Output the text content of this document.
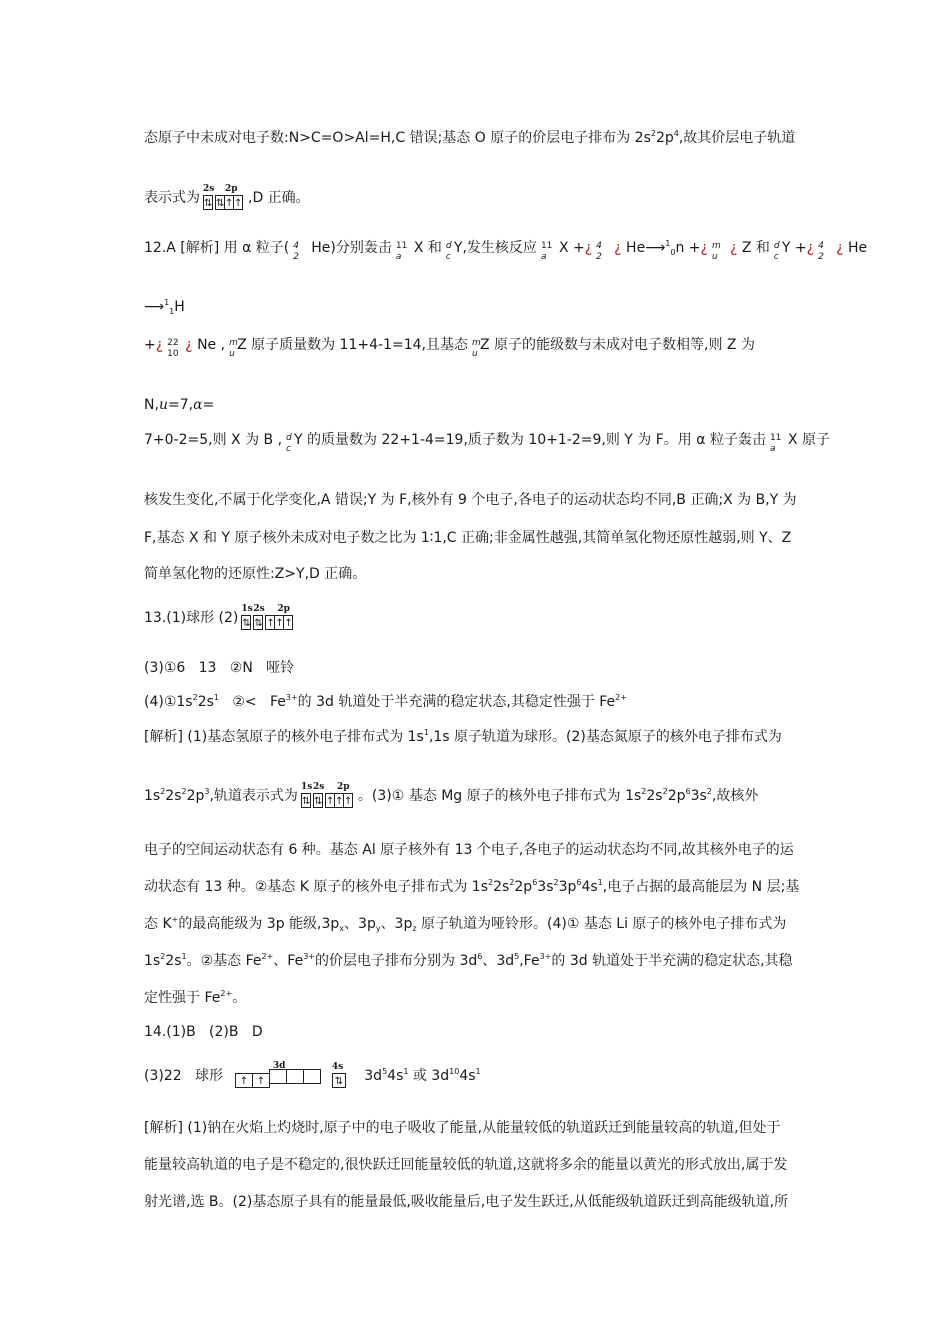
态原子中未成对电子数:N>C=O>Al=H,C 错误;基态 O 原子的价层电子排布为 $2s^22p^4$,故其价层电子轨道
表示式为
2s
⇅
2p
⇅↑↑ ,D 正确。
12.A [解析] 用 α 粒子( 4
2
He)分别轰击 11
a
X 和 d
c
Y,发生核反应 11
a
X +¿ 4
2
¿ He⟶$^1_0$n +¿ m
u
¿ Z 和 d
c
Y +¿ 4
2
¿ He
⟶$^1_1$H
+¿ 22
10
¿ Ne , m
u
Z 原子质量数为 11+4-1=14,且基态 m
u
Z 原子的能级数与未成对电子数相等,则 Z 为
N,u=7,α=
7+0-2=5,则 X 为 B , d
c
Y 的质量数为 22+1-4=19,质子数为 10+1-2=9,则 Y 为 F。用 α 粒子轰击 11
a
X 原子
核发生变化,不属于化学变化,A 错误;Y 为 F,核外有 9 个电子,各电子的运动状态均不同,B 正确;X 为 B,Y 为
F,基态 X 和 Y 原子核外未成对电子数之比为 1∶1,C 正确;非金属性越强,其简单氢化物还原性越弱,则 Y、Z
简单氢化物的还原性:Z>Y,D 正确。
13.(1)球形 (2)
1s
⇅
2s
⇅
2p
↑↑↑
(3)①6   13   ②N   哑铃
$(4)①1s^22s^1$   ②<   $Fe^{3+}$的 3d 轨道处于半充满的稳定状态,其稳定性强于 $Fe^{2+}$
[解析] (1)基态氢原子的核外电子排布式为 $1s^1,1s$ 原子轨道为球形。(2)基态氮原子的核外电子排布式为
$1s^22s^22p^3$,轨道表示式为
1s
⇅
2s
⇅
2p
↑↑↑ 。(3)① 基态 Mg 原子的核外电子排布式为 $1s^22s^22p^63s^2$,故核外
电子的空间运动状态有 6 种。基态 Al 原子核外有 13 个电子,各电子的运动状态均不同,故其核外电子的运
动状态有 13 种。②基态 K 原子的核外电子排布式为 $1s^22s^22p^63s^23p^64s^1$,电子占据的最高能层为 N 层;基
态 K+的最高能级为 3p 能级$,3p_x$、$3p_y$、$3p_z$ 原子轨道为哑铃形。(4)① 基态 Li 原子的核外电子排布式为
$1s^22s^1$。②基态 $Fe^{2+}$、$Fe^{3+}$的价层电子排布分别为 $3d^6$、$3d^5,Fe^{3+}$的 3d 轨道处于半充满的稳定状态,其稳
定性强于 $Fe^{2+}$。
14.(1)B   (2)B   D
(3)22   球形
3d
↑ ↑
4s
⇅   $3d^54s^1$ 或 $3d^{10}4s^1$
[解析] (1)钠在火焰上灼烧时,原子中的电子吸收了能量,从能量较低的轨道跃迁到能量较高的轨道,但处于
能量较高轨道的电子是不稳定的,很快跃迁回能量较低的轨道,这就将多余的能量以黄光的形式放出,属于发
射光谱,选 B。(2)基态原子具有的能量最低,吸收能量后,电子发生跃迁,从低能级轨道跃迁到高能级轨道,所
